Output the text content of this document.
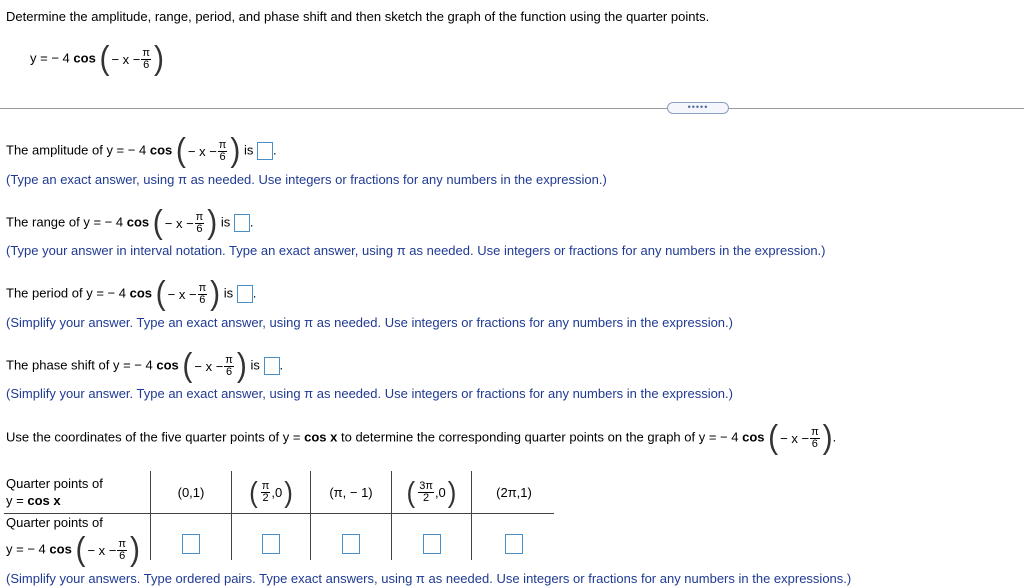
Determine the amplitude, range, period, and phase shift and then sketch the graph of the function using the quarter points.
y = − 4 cos ( − $x - \frac{\pi}{6}$ )
•••••
The amplitude of y = − 4 cos ( − $x - \frac{\pi}{6}$ ) is .
(Type an exact answer, using π as needed. Use integers or fractions for any numbers in the expression.)
The range of y = − 4 cos ( − $x - \frac{\pi}{6}$ ) is .
(Type your answer in interval notation. Type an exact answer, using π as needed. Use integers or fractions for any numbers in the expression.)
The period of y = − 4 cos ( − $x - \frac{\pi}{6}$ ) is .
(Simplify your answer. Type an exact answer, using π as needed. Use integers or fractions for any numbers in the expression.)
The phase shift of y = − 4 cos ( − $x - \frac{\pi}{6}$ ) is .
(Simplify your answer. Type an exact answer, using π as needed. Use integers or fractions for any numbers in the expression.)
Use the coordinates of the five quarter points of y = cos x to determine the corresponding quarter points on the graph of y = − 4 cos ( − $x - \frac{\pi}{6}$ ) .
Quarter points of
y = cos x
(0,1) ( $\frac{\pi}{2} ,0$ )	(π, − 1) ( $\frac{3\pi}{2} ,0$ )	(2π,1)
Quarter points of
y = − 4 cos ( − $x - \frac{\pi}{6}$ )
(Simplify your answers. Type ordered pairs. Type exact answers, using π as needed. Use integers or fractions for any numbers in the expressions.)
